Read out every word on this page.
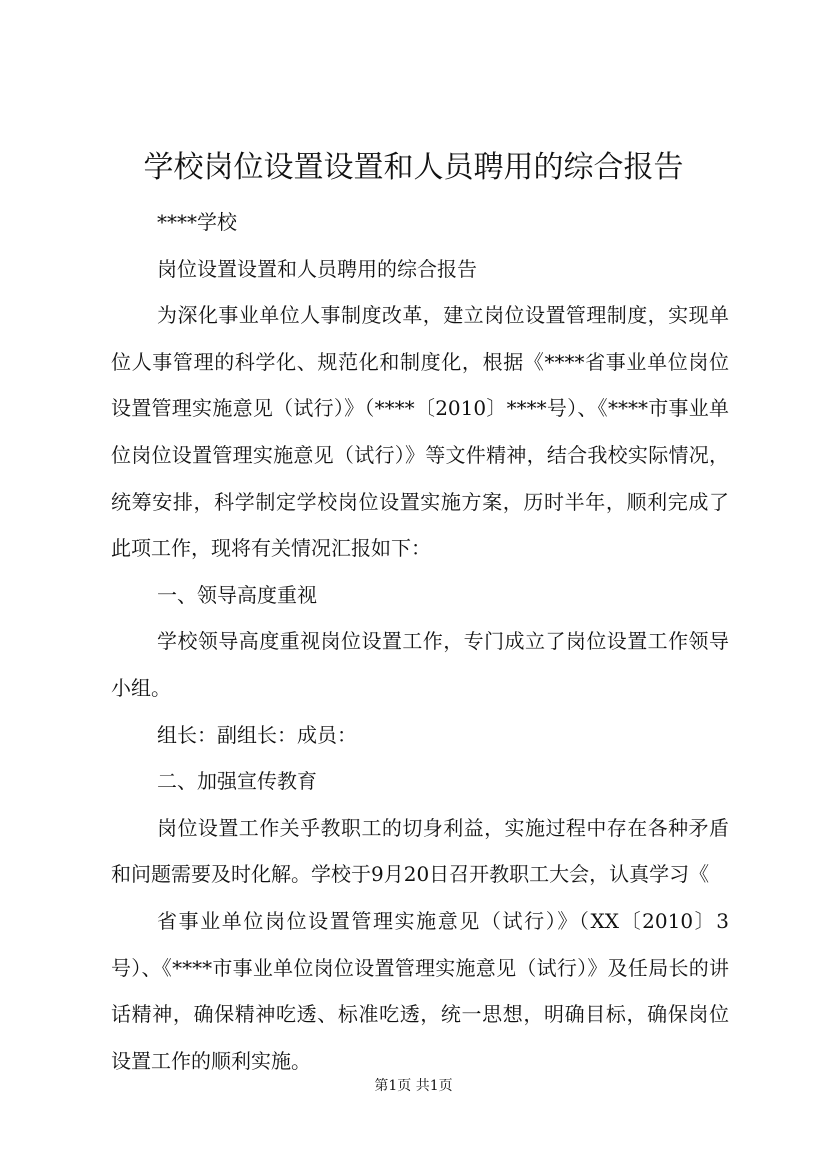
学校岗位设置设置和人员聘用的综合报告

****学校

岗位设置设置和人员聘用的综合报告

为深化事业单位人事制度改革，建立岗位设置管理制度，实现单位人事管理的科学化、规范化和制度化，根据《****省事业单位岗位设置管理实施意见（试行）》（****〔2010〕****号）、《****市事业单位岗位设置管理实施意见（试行）》等文件精神，结合我校实际情况，统筹安排，科学制定学校岗位设置实施方案，历时半年，顺利完成了此项工作，现将有关情况汇报如下：

一、领导高度重视

学校领导高度重视岗位设置工作，专门成立了岗位设置工作领导小组。

组长：副组长：成员：

二、加强宣传教育

岗位设置工作关乎教职工的切身利益，实施过程中存在各种矛盾和问题需要及时化解。学校于9月20日召开教职工大会，认真学习《

省事业单位岗位设置管理实施意见（试行）》（XX〔2010〕3号）、《****市事业单位岗位设置管理实施意见（试行）》及任局长的讲话精神，确保精神吃透、标准吃透，统一思想，明确目标，确保岗位设置工作的顺利实施。

第1页 共1页
